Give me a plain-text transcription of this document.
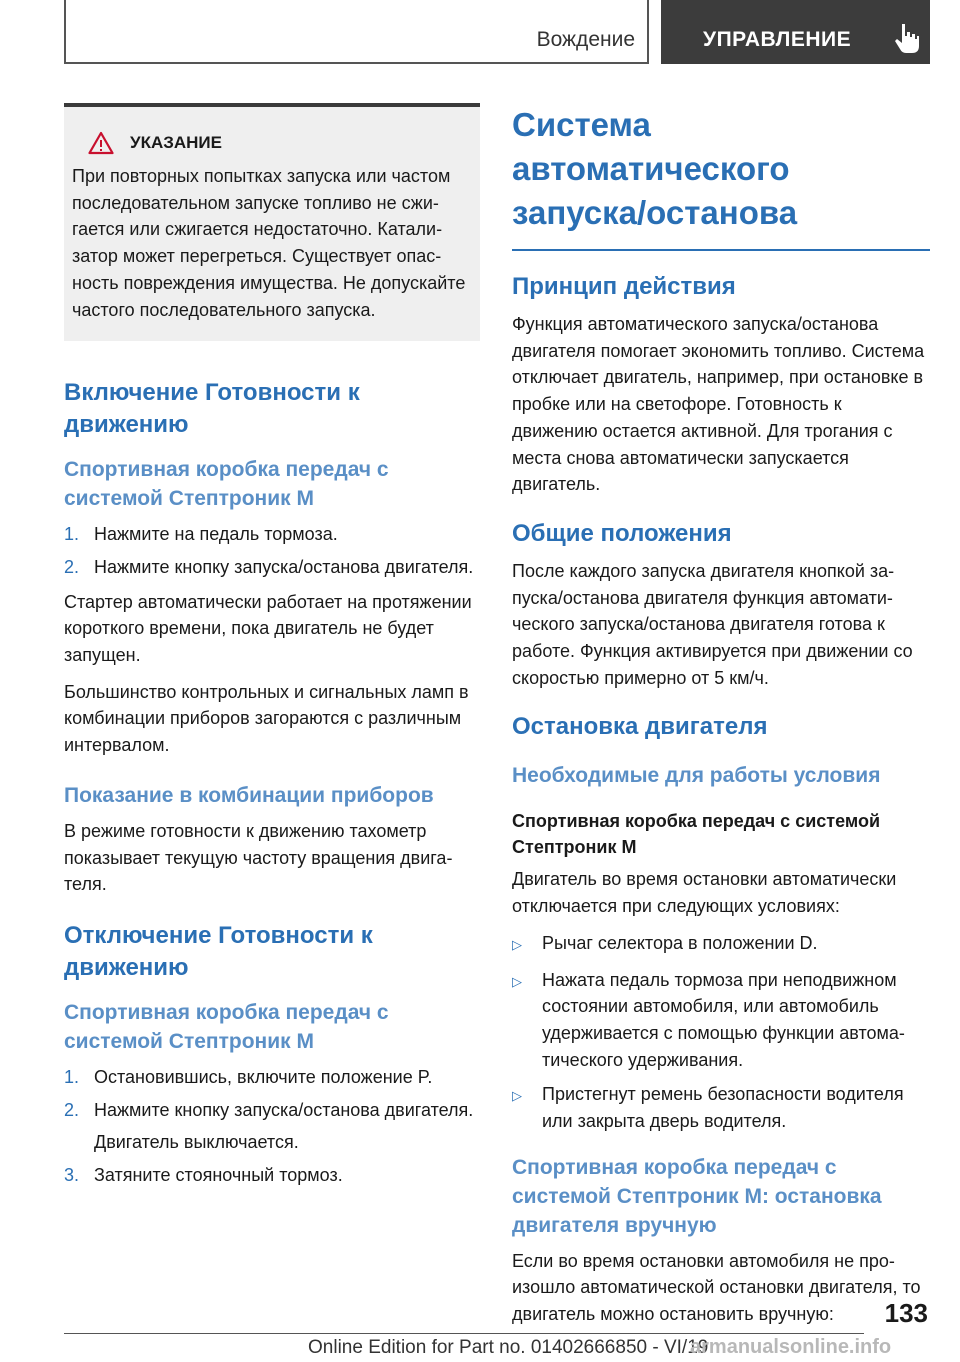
Вождение	УПРАВЛЕНИЕ
УКАЗАНИЕ
При повторных попытках запуска или частом последовательном запуске топливо не сжигается или сжигается недостаточно. Катализатор может перегреться. Существует опасность повреждения имущества. Не допускайте частого последовательного запуска.
Включение Готовности к движению
Спортивная коробка передач с системой Стептроник M
1. Нажмите на педаль тормоза.
2. Нажмите кнопку запуска/останова двигателя.
Стартер автоматически работает на протяжении короткого времени, пока двигатель не будет запущен.
Большинство контрольных и сигнальных ламп в комбинации приборов загораются с различным интервалом.
Показание в комбинации приборов
В режиме готовности к движению тахометр показывает текущую частоту вращения двигателя.
Отключение Готовности к движению
Спортивная коробка передач с системой Стептроник M
1. Остановившись, включите положение P.
2. Нажмите кнопку запуска/останова двигателя.
Двигатель выключается.
3. Затяните стояночный тормоз.
Система автоматического запуска/останова
Принцип действия
Функция автоматического запуска/останова двигателя помогает экономить топливо. Система отключает двигатель, например, при остановке в пробке или на светофоре. Готовность к движению остается активной. Для трогания с места снова автоматически запускается двигатель.
Общие положения
После каждого запуска двигателя кнопкой запуска/останова двигателя функция автоматического запуска/останова двигателя готова к работе. Функция активируется при движении со скоростью примерно от 5 км/ч.
Остановка двигателя
Необходимые для работы условия
Спортивная коробка передач с системой Стептроник M
Двигатель во время остановки автоматически отключается при следующих условиях:
▷	Рычаг селектора в положении D.
▷	Нажата педаль тормоза при неподвижном состоянии автомобиля, или автомобиль удерживается с помощью функции автоматического удерживания.
▷	Пристегнут ремень безопасности водителя или закрыта дверь водителя.
Спортивная коробка передач с системой Стептроник M: остановка двигателя вручную
Если во время остановки автомобиля не произошло автоматической остановки двигателя, то двигатель можно остановить вручную:	133
Online Edition for Part no. 01402666850 - VI/19
armanualsonline.info
